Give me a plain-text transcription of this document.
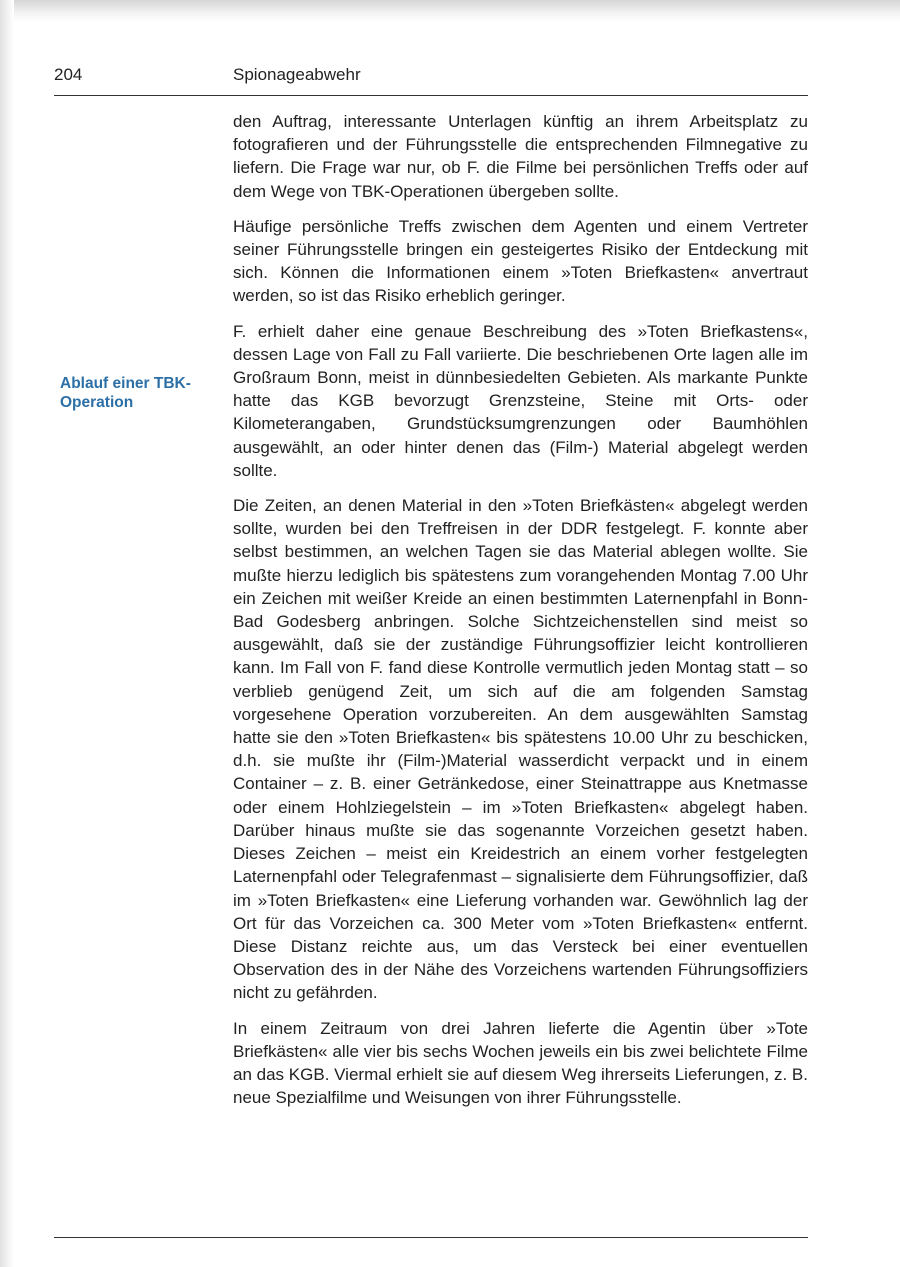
204	Spionageabwehr
Ablauf einer TBK-Operation

den Auftrag, interessante Unterlagen künftig an ihrem Arbeitsplatz zu fotografieren und der Führungsstelle die entsprechenden Filmnegative zu liefern. Die Frage war nur, ob F. die Filme bei persönlichen Treffs oder auf dem Wege von TBK-Operationen übergeben sollte.

Häufige persönliche Treffs zwischen dem Agenten und einem Vertreter seiner Führungsstelle bringen ein gesteigertes Risiko der Entdeckung mit sich. Können die Informationen einem »Toten Briefkasten« anvertraut werden, so ist das Risiko erheblich geringer.

F. erhielt daher eine genaue Beschreibung des »Toten Briefkastens«, dessen Lage von Fall zu Fall variierte. Die beschriebenen Orte lagen alle im Großraum Bonn, meist in dünnbesiedelten Gebieten. Als markante Punkte hatte das KGB bevorzugt Grenzsteine, Steine mit Orts- oder Kilometerangaben, Grundstücksumgrenzungen oder Baumhöhlen ausgewählt, an oder hinter denen das (Film-) Material abgelegt werden sollte.

Die Zeiten, an denen Material in den »Toten Briefkästen« abgelegt werden sollte, wurden bei den Treffreisen in der DDR festgelegt. F. konnte aber selbst bestimmen, an welchen Tagen sie das Material ablegen wollte. Sie mußte hierzu lediglich bis spätestens zum vorangehenden Montag 7.00 Uhr ein Zeichen mit weißer Kreide an einen bestimmten Laternenpfahl in Bonn-Bad Godesberg anbringen. Solche Sichtzeichenstellen sind meist so ausgewählt, daß sie der zuständige Führungsoffizier leicht kontrollieren kann. Im Fall von F. fand diese Kontrolle vermutlich jeden Montag statt – so verblieb genügend Zeit, um sich auf die am folgenden Samstag vorgesehene Operation vorzubereiten. An dem ausgewählten Samstag hatte sie den »Toten Briefkasten« bis spätestens 10.00 Uhr zu beschicken, d.h. sie mußte ihr (Film-)Material wasserdicht verpackt und in einem Container – z. B. einer Getränkedose, einer Steinattrappe aus Knetmasse oder einem Hohlziegelstein – im »Toten Briefkasten« abgelegt haben. Darüber hinaus mußte sie das sogenannte Vorzeichen gesetzt haben. Dieses Zeichen – meist ein Kreidestrich an einem vorher festgelegten Laternenpfahl oder Telegrafenmast – signalisierte dem Führungsoffizier, daß im »Toten Briefkasten« eine Lieferung vorhanden war. Gewöhnlich lag der Ort für das Vorzeichen ca. 300 Meter vom »Toten Briefkasten« entfernt. Diese Distanz reichte aus, um das Versteck bei einer eventuellen Observation des in der Nähe des Vorzeichens wartenden Führungsoffiziers nicht zu gefährden.

In einem Zeitraum von drei Jahren lieferte die Agentin über »Tote Briefkästen« alle vier bis sechs Wochen jeweils ein bis zwei belichtete Filme an das KGB. Viermal erhielt sie auf diesem Weg ihrerseits Lieferungen, z. B. neue Spezialfilme und Weisungen von ihrer Führungsstelle.
